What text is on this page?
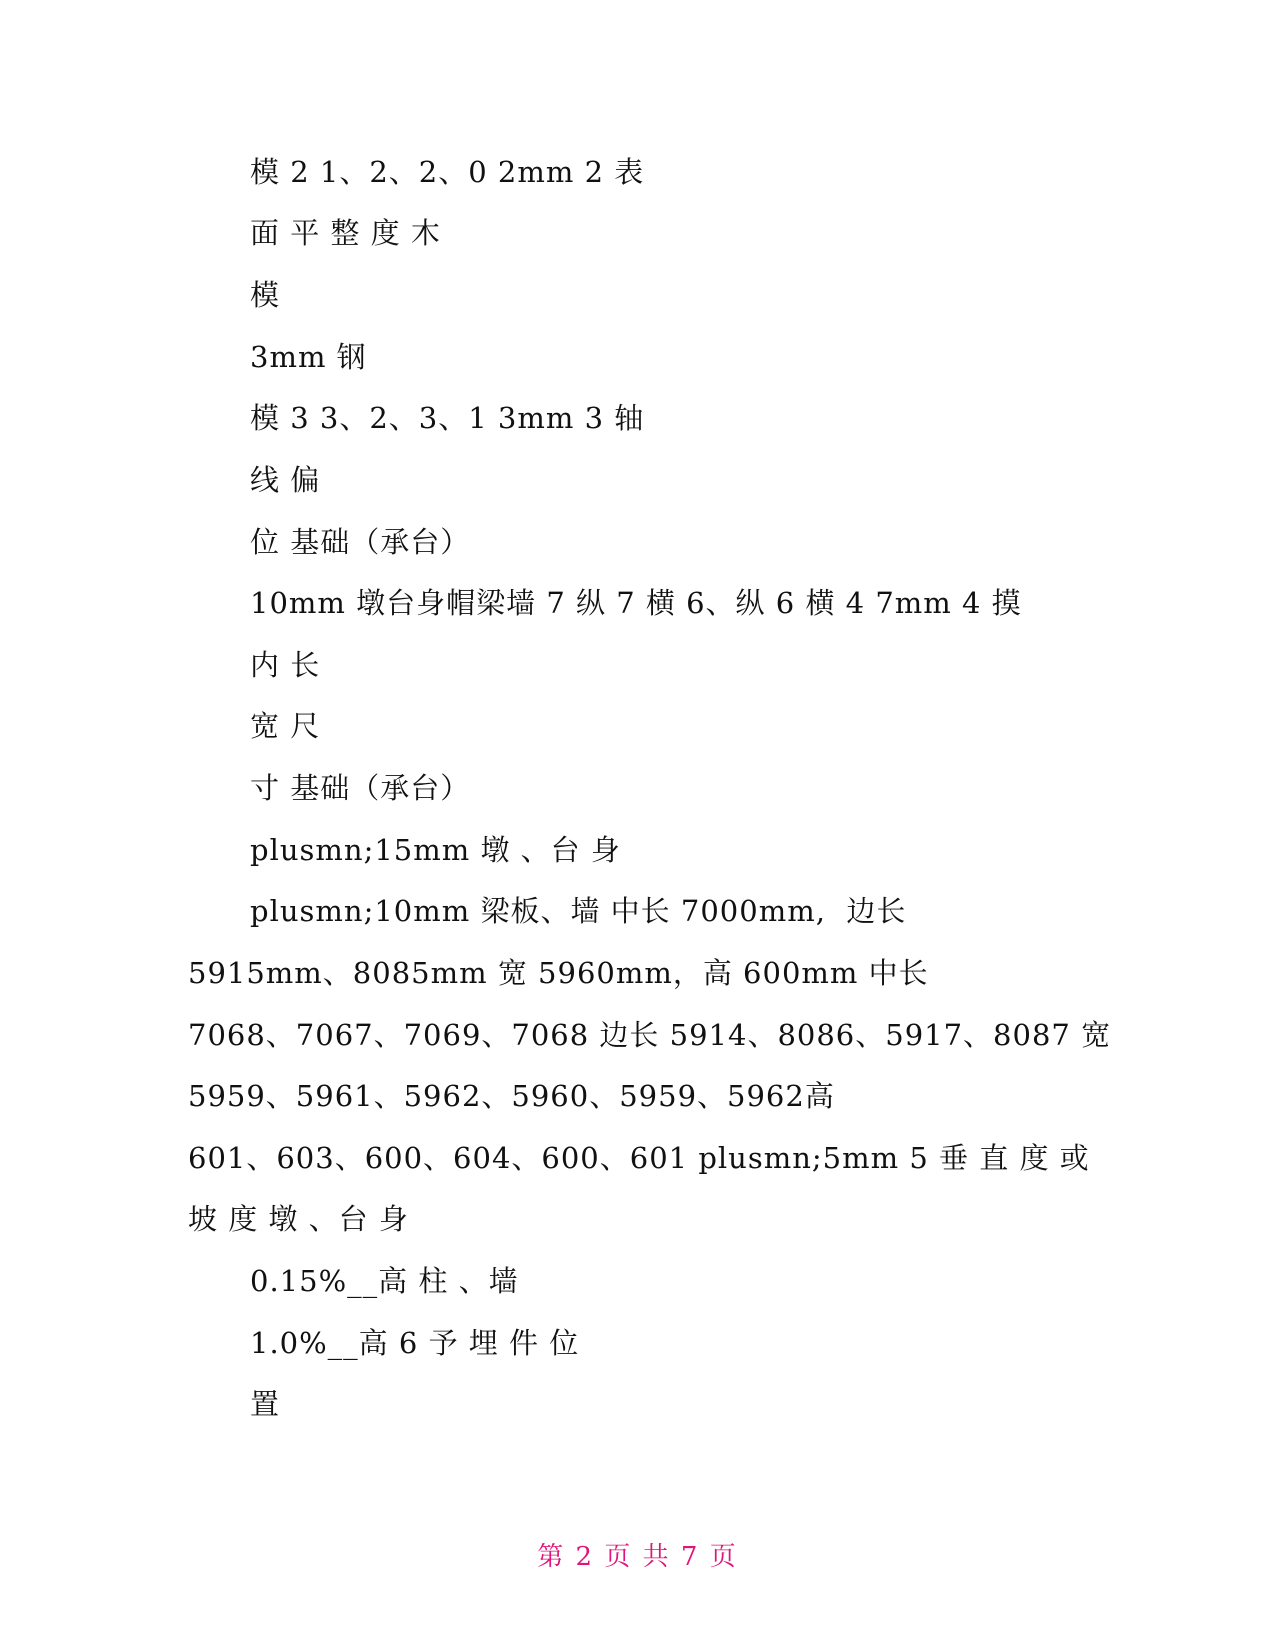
模 2 1、2、2、0 2mm 2 表
面 平 整 度 木
模
3mm 钢
模 3 3、2、3、1 3mm 3 轴
线 偏
位 基础（承台）
10mm 墩台身帽梁墙 7 纵 7 横 6、纵 6 横 4 7mm 4 摸
内 长
宽 尺
寸 基础（承台）
plusmn;15mm 墩 、台 身
plusmn;10mm 梁板、墙 中长 7000mm,  边长
5915mm、8085mm 宽 5960mm，高 600mm 中长
7068、7067、7069、7068 边长 5914、8086、5917、8087 宽
5959、5961、5962、5960、5959、5962高
601、603、600、604、600、601 plusmn;5mm 5 垂 直 度 或
坡 度 墩 、台 身
0.15%__高 柱 、墙
1.0%__高 6 予 埋 件 位
置
第 2 页 共 7 页
